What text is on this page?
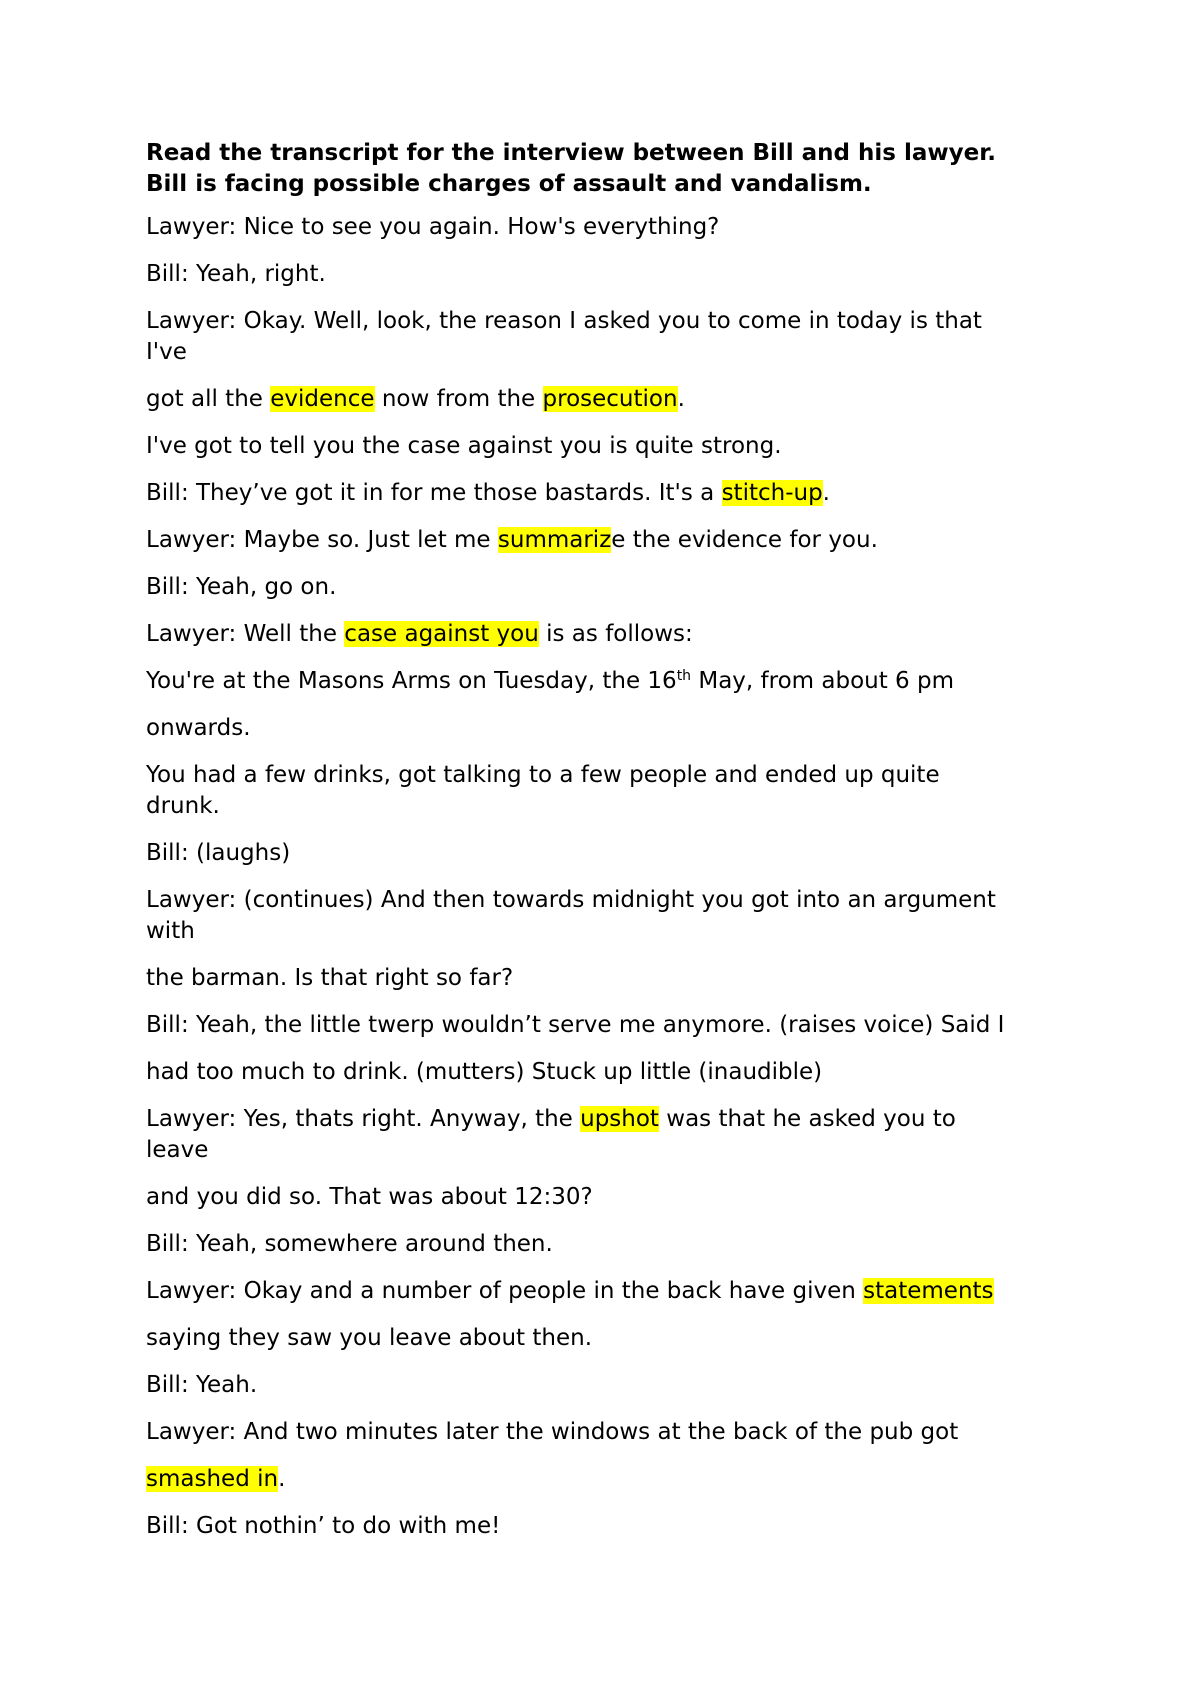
Read the transcript for the interview between Bill and his lawyer.
Bill is facing possible charges of assault and vandalism.
Lawyer: Nice to see you again. How's everything?
Bill: Yeah, right.
Lawyer: Okay. Well, look, the reason I asked you to come in today is that
I've
got all the evidence now from the prosecution.
I've got to tell you the case against you is quite strong.
Bill: They’ve got it in for me those bastards. It's a stitch-up.
Lawyer: Maybe so. Just let me summarize the evidence for you.
Bill: Yeah, go on.
Lawyer: Well the case against you is as follows:
You're at the Masons Arms on Tuesday, the 16th May, from about 6 pm
onwards.
You had a few drinks, got talking to a few people and ended up quite
drunk.
Bill: (laughs)
Lawyer: (continues) And then towards midnight you got into an argument
with
the barman. Is that right so far?
Bill: Yeah, the little twerp wouldn’t serve me anymore. (raises voice) Said I
had too much to drink. (mutters) Stuck up little (inaudible)
Lawyer: Yes, thats right. Anyway, the upshot was that he asked you to
leave
and you did so. That was about 12:30?
Bill: Yeah, somewhere around then.
Lawyer: Okay and a number of people in the back have given statements
saying they saw you leave about then.
Bill: Yeah.
Lawyer: And two minutes later the windows at the back of the pub got
smashed in.
Bill: Got nothin’ to do with me!
